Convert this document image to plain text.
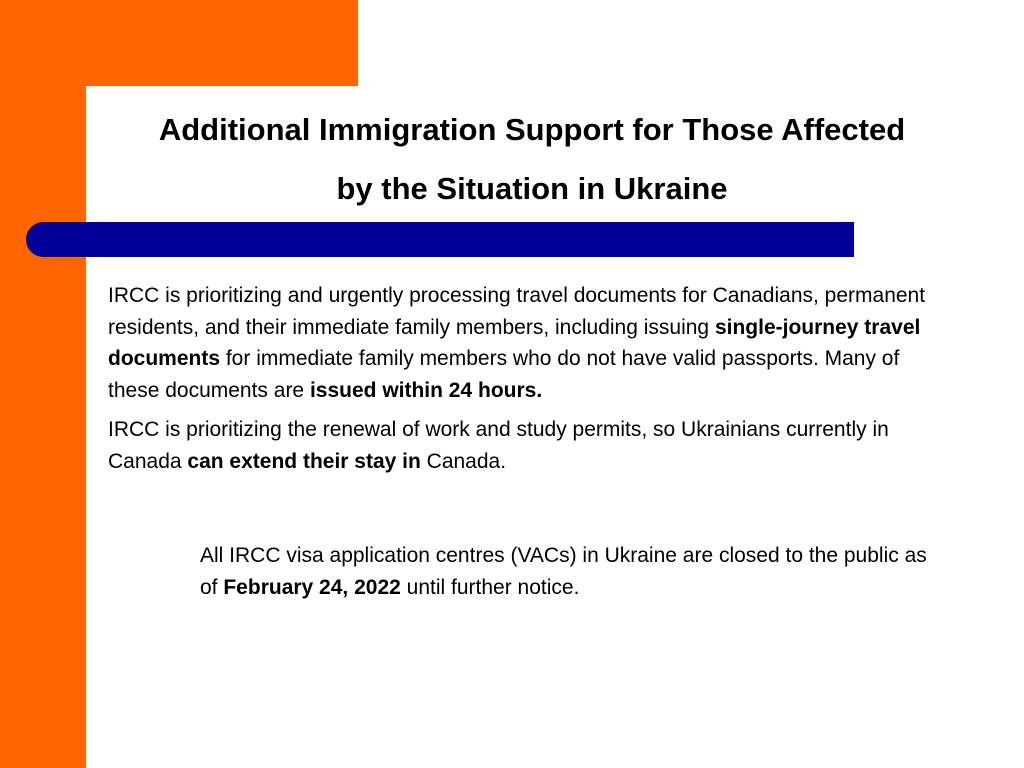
Additional Immigration Support for Those Affected
by the Situation in Ukraine

IRCC is prioritizing and urgently processing travel documents for Canadians, permanent residents, and their immediate family members, including issuing single-journey travel documents for immediate family members who do not have valid passports. Many of these documents are issued within 24 hours.

IRCC is prioritizing the renewal of work and study permits, so Ukrainians currently in Canada can extend their stay in Canada.

All IRCC visa application centres (VACs) in Ukraine are closed to the public as of February 24, 2022 until further notice.
